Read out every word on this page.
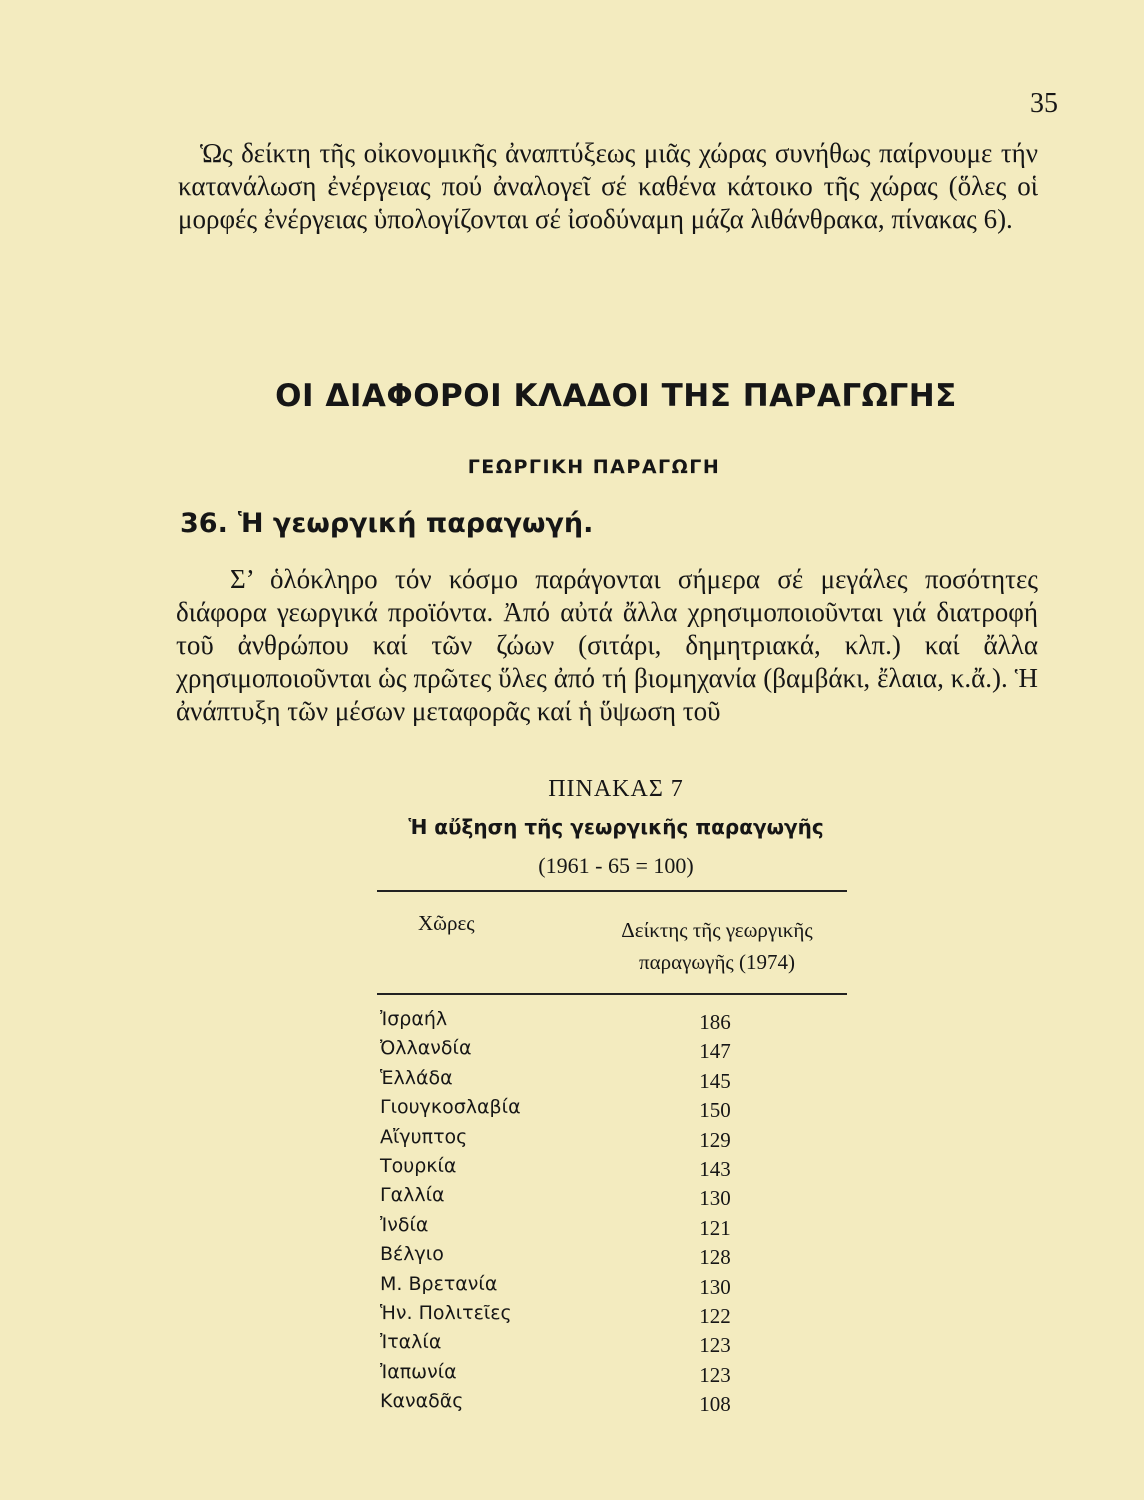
35

Ὡς δείκτη τῆς οἰκονομικῆς ἀναπτύξεως μιᾶς χώρας συνήθως παίρνουμε τήν κατανάλωση ἐνέργειας πού ἀναλογεῖ σέ καθένα κάτοικο τῆς χώρας (ὅλες οἱ μορφές ἐνέργειας ὑπολογίζονται σέ ἰσοδύναμη μάζα λιθάνθρακα, πίνακας 6).

ΟΙ ΔΙΑΦΟΡΟΙ ΚΛΑΔΟΙ ΤΗΣ ΠΑΡΑΓΩΓΗΣ
ΓΕΩΡΓΙΚΗ ΠΑΡΑΓΩΓΗ
36. Ἡ γεωργική παραγωγή.

Σ’ ὁλόκληρο τόν κόσμο παράγονται σήμερα σέ μεγάλες ποσότητες διάφορα γεωργικά προϊόντα. Ἀπό αὐτά ἄλλα χρησιμοποιοῦνται γιά διατροφή τοῦ ἀνθρώπου καί τῶν ζώων (σιτάρι, δημητριακά, κλπ.) καί ἄλλα χρησιμοποιοῦνται ὡς πρῶτες ὕλες ἀπό τή βιομηχανία (βαμβάκι, ἔλαια, κ.ἄ.). Ἡ ἀνάπτυξη τῶν μέσων μεταφορᾶς καί ἡ ὕψωση τοῦ

ΠΙΝΑΚΑΣ 7
Ἡ αὔξηση τῆς γεωργικῆς παραγωγῆς
(1961 - 65 = 100)
Χῶρες	Δείκτης τῆς γεωργικῆς
παραγωγῆς (1974)
Ἰσραήλ	186
Ὀλλανδία	147
Ἑλλάδα	145
Γιουγκοσλαβία	150
Αἴγυπτος	129
Τουρκία	143
Γαλλία	130
Ἰνδία	121
Βέλγιο	128
Μ. Βρετανία	130
Ἡν. Πολιτεῖες	122
Ἰταλία	123
Ἰαπωνία	123
Καναδᾶς	108
